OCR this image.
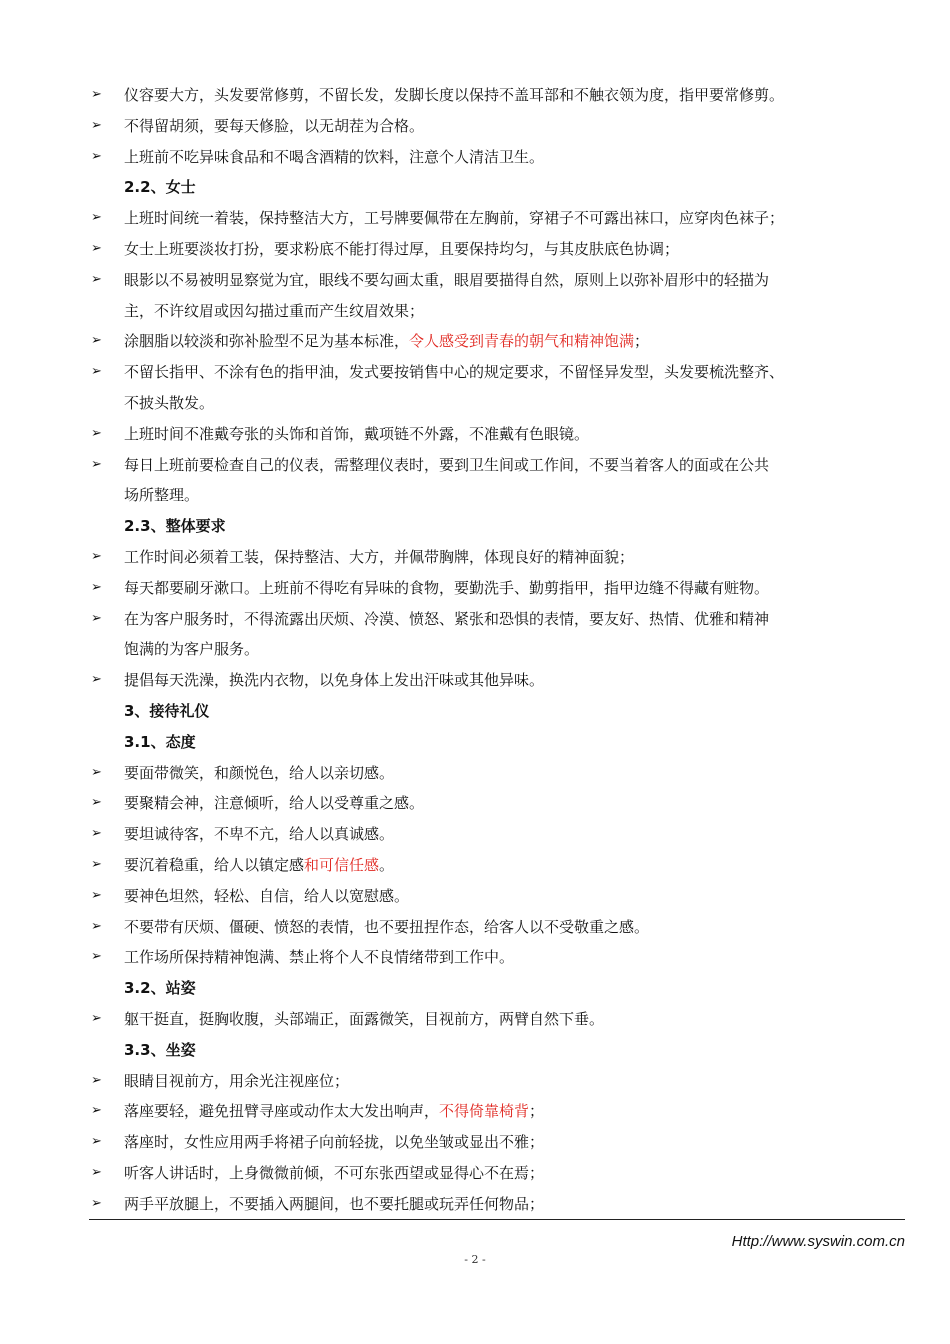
➢ 仪容要大方，头发要常修剪，不留长发，发脚长度以保持不盖耳部和不触衣领为度，指甲要常修剪。
➢ 不得留胡须，要每天修脸，以无胡茬为合格。
➢ 上班前不吃异味食品和不喝含酒精的饮料，注意个人清洁卫生。
2.2、女士
➢ 上班时间统一着装，保持整洁大方，工号牌要佩带在左胸前，穿裙子不可露出袜口，应穿肉色袜子；
➢ 女士上班要淡妆打扮，要求粉底不能打得过厚，且要保持均匀，与其皮肤底色协调；
➢ 眼影以不易被明显察觉为宜，眼线不要勾画太重，眼眉要描得自然，原则上以弥补眉形中的轻描为
主，不许纹眉或因勾描过重而产生纹眉效果；
➢ 涂胭脂以较淡和弥补脸型不足为基本标准，令人感受到青春的朝气和精神饱满；
➢ 不留长指甲、不涂有色的指甲油，发式要按销售中心的规定要求，不留怪异发型，头发要梳洗整齐、
不披头散发。
➢ 上班时间不准戴夸张的头饰和首饰，戴项链不外露，不准戴有色眼镜。
➢ 每日上班前要检查自己的仪表，需整理仪表时，要到卫生间或工作间，不要当着客人的面或在公共
场所整理。
2.3、整体要求
➢ 工作时间必须着工装，保持整洁、大方，并佩带胸牌，体现良好的精神面貌；
➢ 每天都要刷牙漱口。上班前不得吃有异味的食物，要勤洗手、勤剪指甲，指甲边缝不得藏有赃物。
➢ 在为客户服务时，不得流露出厌烦、冷漠、愤怒、紧张和恐惧的表情，要友好、热情、优雅和精神
饱满的为客户服务。
➢ 提倡每天洗澡，换洗内衣物，以免身体上发出汗味或其他异味。
3、接待礼仪
3.1、态度
➢ 要面带微笑，和颜悦色，给人以亲切感。
➢ 要聚精会神，注意倾听，给人以受尊重之感。
➢ 要坦诚待客，不卑不亢，给人以真诚感。
➢ 要沉着稳重，给人以镇定感和可信任感。
➢ 要神色坦然，轻松、自信，给人以宽慰感。
➢ 不要带有厌烦、僵硬、愤怒的表情，也不要扭捏作态，给客人以不受敬重之感。
➢ 工作场所保持精神饱满、禁止将个人不良情绪带到工作中。
3.2、站姿
➢ 躯干挺直，挺胸收腹，头部端正，面露微笑，目视前方，两臂自然下垂。
3.3、坐姿
➢ 眼睛目视前方，用余光注视座位；
➢ 落座要轻，避免扭臂寻座或动作太大发出响声，不得倚靠椅背；
➢ 落座时，女性应用两手将裙子向前轻拢，以免坐皱或显出不雅；
➢ 听客人讲话时，上身微微前倾，不可东张西望或显得心不在焉；
➢ 两手平放腿上，不要插入两腿间，也不要托腿或玩弄任何物品；
Http://www.syswin.com.cn
- 2 -
